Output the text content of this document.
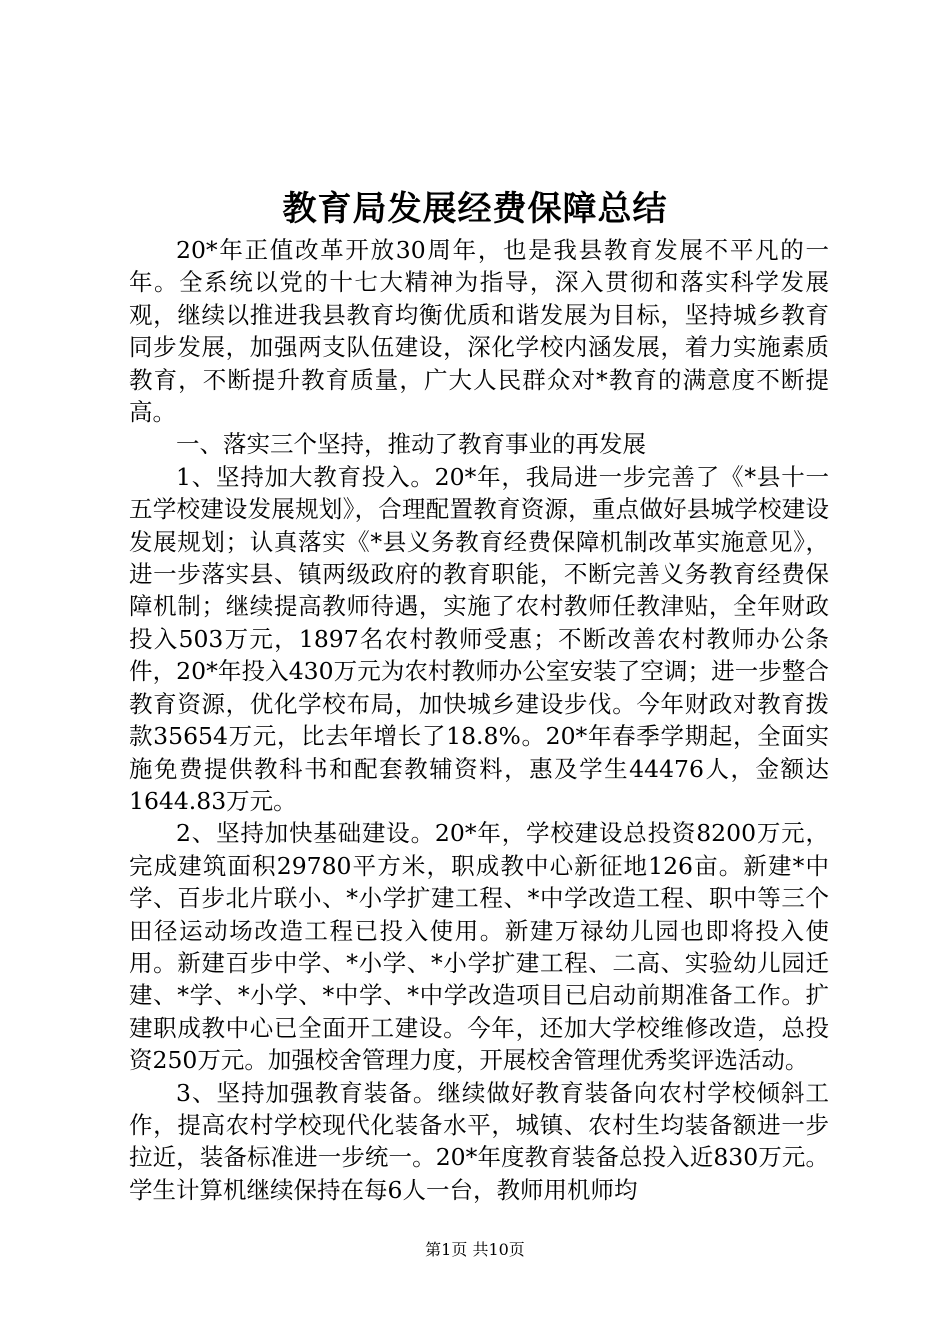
教育局发展经费保障总结

20*年正值改革开放30周年，也是我县教育发展不平凡的一年。全系统以党的十七大精神为指导，深入贯彻和落实科学发展观，继续以推进我县教育均衡优质和谐发展为目标，坚持城乡教育同步发展，加强两支队伍建设，深化学校内涵发展，着力实施素质教育，不断提升教育质量，广大人民群众对*教育的满意度不断提高。

一、落实三个坚持，推动了教育事业的再发展

1、坚持加大教育投入。20*年，我局进一步完善了《*县十一五学校建设发展规划》，合理配置教育资源，重点做好县城学校建设发展规划；认真落实《*县义务教育经费保障机制改革实施意见》，进一步落实县、镇两级政府的教育职能，不断完善义务教育经费保障机制；继续提高教师待遇，实施了农村教师任教津贴，全年财政投入503万元，1897名农村教师受惠；不断改善农村教师办公条件，20*年投入430万元为农村教师办公室安装了空调；进一步整合教育资源，优化学校布局，加快城乡建设步伐。今年财政对教育拨款35654万元，比去年增长了18.8%。20*年春季学期起，全面实施免费提供教科书和配套教辅资料，惠及学生44476人，金额达1644.83万元。

2、坚持加快基础建设。20*年，学校建设总投资8200万元，完成建筑面积29780平方米，职成教中心新征地126亩。新建*中学、百步北片联小、*小学扩建工程、*中学改造工程、职中等三个田径运动场改造工程已投入使用。新建万禄幼儿园也即将投入使用。新建百步中学、*小学、*小学扩建工程、二高、实验幼儿园迁建、*学、*小学、*中学、*中学改造项目已启动前期准备工作。扩建职成教中心已全面开工建设。今年，还加大学校维修改造，总投资250万元。加强校舍管理力度，开展校舍管理优秀奖评选活动。

3、坚持加强教育装备。继续做好教育装备向农村学校倾斜工作，提高农村学校现代化装备水平，城镇、农村生均装备额进一步拉近，装备标准进一步统一。20*年度教育装备总投入近830万元。学生计算机继续保持在每6人一台，教师用机师均

第1页 共10页
